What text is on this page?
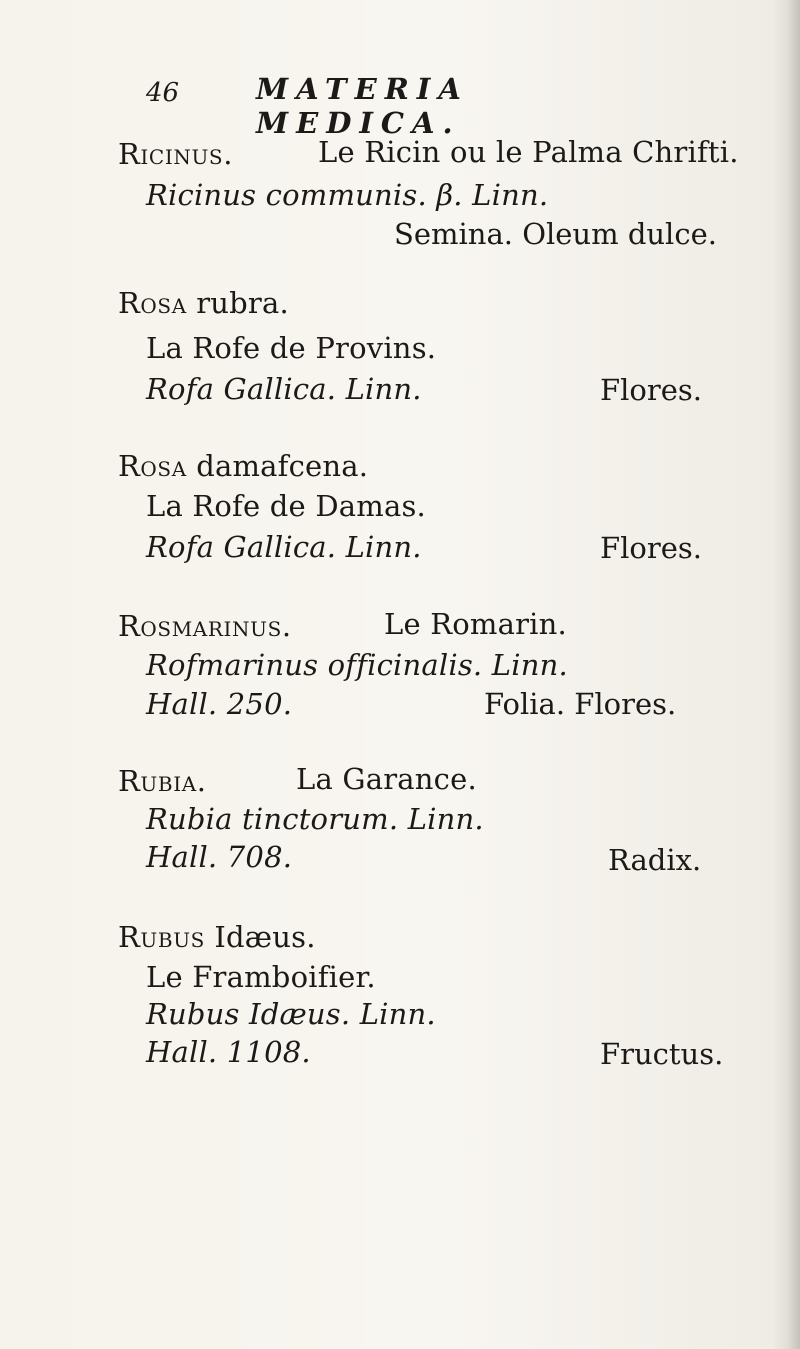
46	MATERIA MEDICA.
Ricinus.	Le Ricin ou le Palma Chrifti.
Ricinus communis. β. Linn.
Semina. Oleum dulce.
Rosa rubra.
La Rofe de Provins.
Rofa Gallica. Linn.	Flores.
Rosa damafcena.
La Rofe de Damas.
Rofa Gallica. Linn.	Flores.
Rosmarinus.	Le Romarin.
Rofmarinus officinalis. Linn.
Hall. 250.	Folia. Flores.
Rubia.	La Garance.
Rubia tinctorum. Linn.
Hall. 708.	Radix.
Rubus Idæus.
Le Framboifier.
Rubus Idæus. Linn.
Hall. 1108.	Fructus.
